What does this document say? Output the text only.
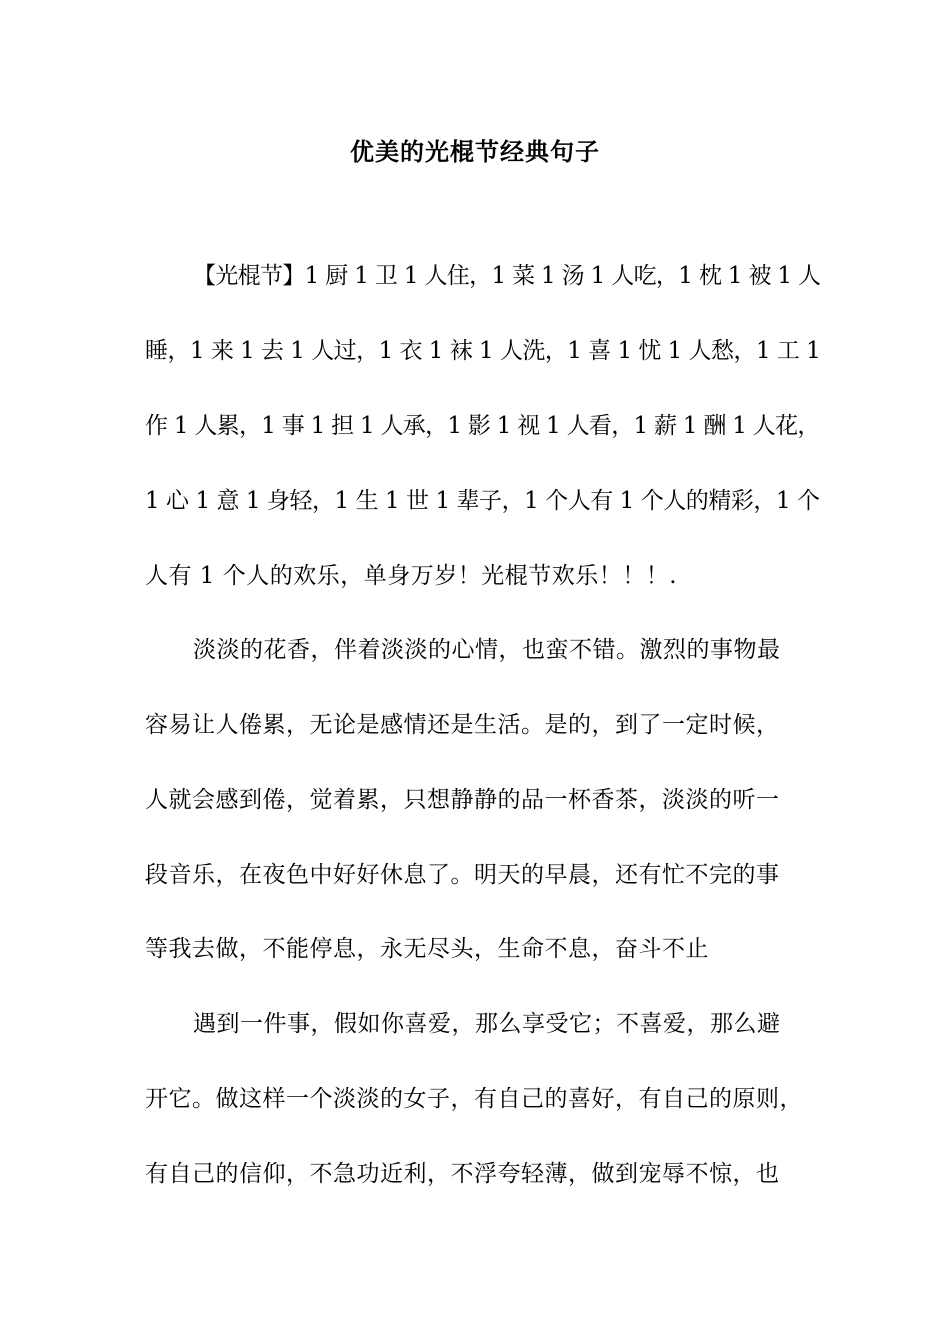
优美的光棍节经典句子
【光棍节】1 厨 1 卫 1 人住，1 菜 1 汤 1 人吃，1 枕 1 被 1 人
睡，1 来 1 去 1 人过，1 衣 1 袜 1 人洗，1 喜 1 忧 1 人愁，1 工 1
作 1 人累，1 事 1 担 1 人承，1 影 1 视 1 人看，1 薪 1 酬 1 人花，
1 心 1 意 1 身轻，1 生 1 世 1 辈子，1 个人有 1 个人的精彩，1 个
人有 1 个人的欢乐，单身万岁！光棍节欢乐！！！.
淡淡的花香，伴着淡淡的心情，也蛮不错。激烈的事物最
容易让人倦累，无论是感情还是生活。是的，到了一定时候，
人就会感到倦，觉着累，只想静静的品一杯香茶，淡淡的听一
段音乐，在夜色中好好休息了。明天的早晨，还有忙不完的事
等我去做，不能停息，永无尽头，生命不息，奋斗不止
遇到一件事，假如你喜爱，那么享受它；不喜爱，那么避
开它。做这样一个淡淡的女子，有自己的喜好，有自己的原则，
有自己的信仰，不急功近利，不浮夸轻薄，做到宠辱不惊，也
